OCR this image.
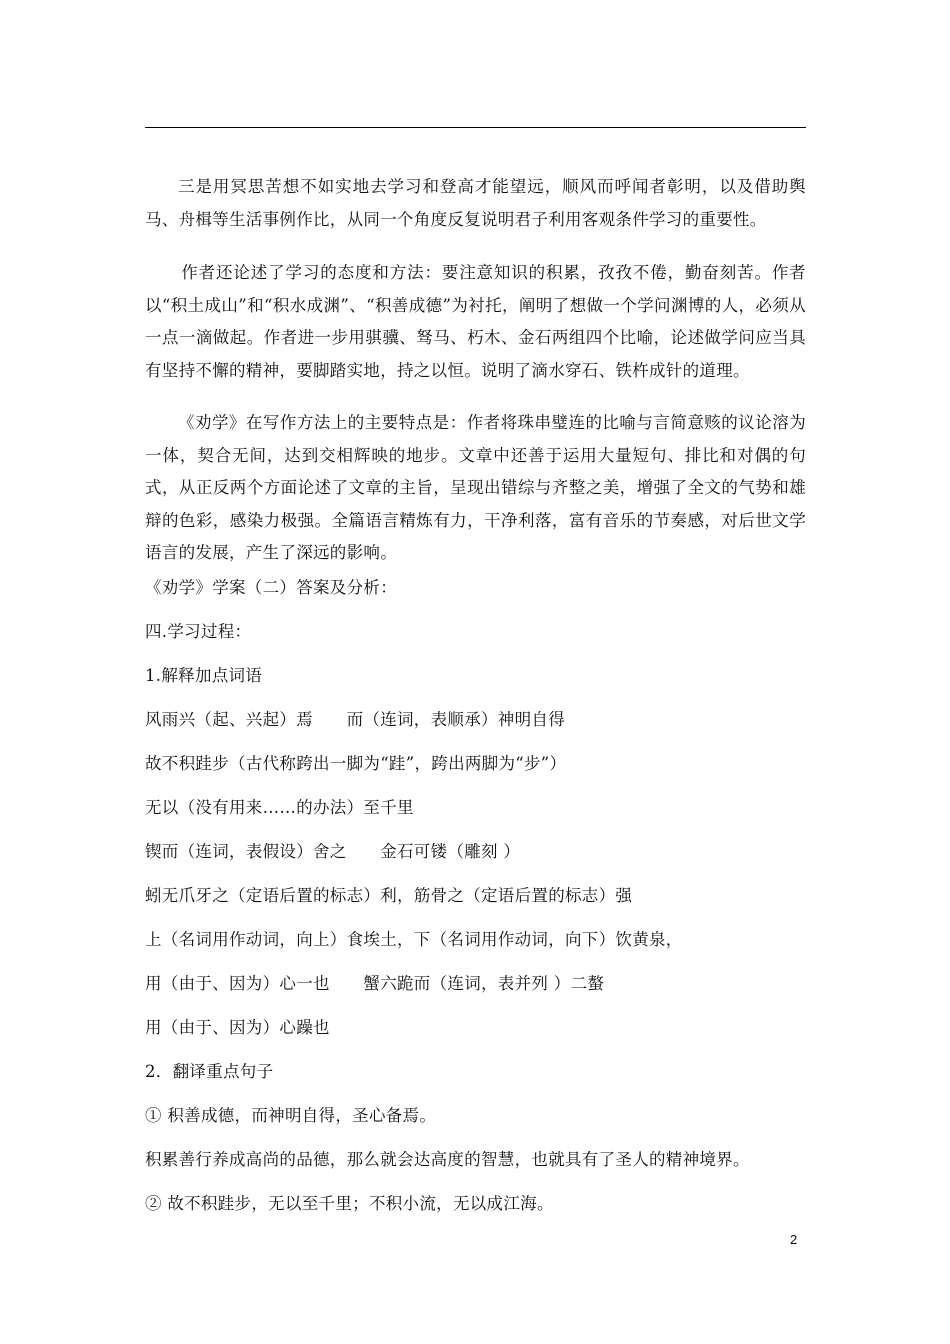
三是用冥思苦想不如实地去学习和登高才能望远，顺风而呼闻者彰明，以及借助舆马、舟楫等生活事例作比，从同一个角度反复说明君子利用客观条件学习的重要性。
作者还论述了学习的态度和方法：要注意知识的积累，孜孜不倦，勤奋刻苦。作者以“积土成山”和“积水成渊”、“积善成德”为衬托，阐明了想做一个学问渊博的人，必须从一点一滴做起。作者进一步用骐骥、驽马、朽木、金石两组四个比喻，论述做学问应当具有坚持不懈的精神，要脚踏实地，持之以恒。说明了滴水穿石、铁杵成针的道理。
《劝学》在写作方法上的主要特点是：作者将珠串璧连的比喻与言简意赅的议论溶为一体，契合无间，达到交相辉映的地步。文章中还善于运用大量短句、排比和对偶的句式，从正反两个方面论述了文章的主旨，呈现出错综与齐整之美，增强了全文的气势和雄辩的色彩，感染力极强。全篇语言精炼有力，干净利落，富有音乐的节奏感，对后世文学语言的发展，产生了深远的影响。
《劝学》学案（二）答案及分析：
四.学习过程：
1.解释加点词语
风雨兴（起、兴起）焉　　而（连词，表顺承）神明自得
故不积跬步（古代称跨出一脚为“跬”，跨出两脚为“步”）
无以（没有用来……的办法）至千里
锲而（连词，表假设）舍之　　金石可镂（雕刻 ）
蚓无爪牙之（定语后置的标志）利，筋骨之（定语后置的标志）强
上（名词用作动词，向上）食埃土，下（名词用作动词，向下）饮黄泉，
用（由于、因为）心一也　　蟹六跪而（连词，表并列 ）二螯
用（由于、因为）心躁也
2．翻译重点句子
① 积善成德，而神明自得，圣心备焉。
积累善行养成高尚的品德，那么就会达高度的智慧，也就具有了圣人的精神境界。
② 故不积跬步，无以至千里；不积小流，无以成江海。
2
